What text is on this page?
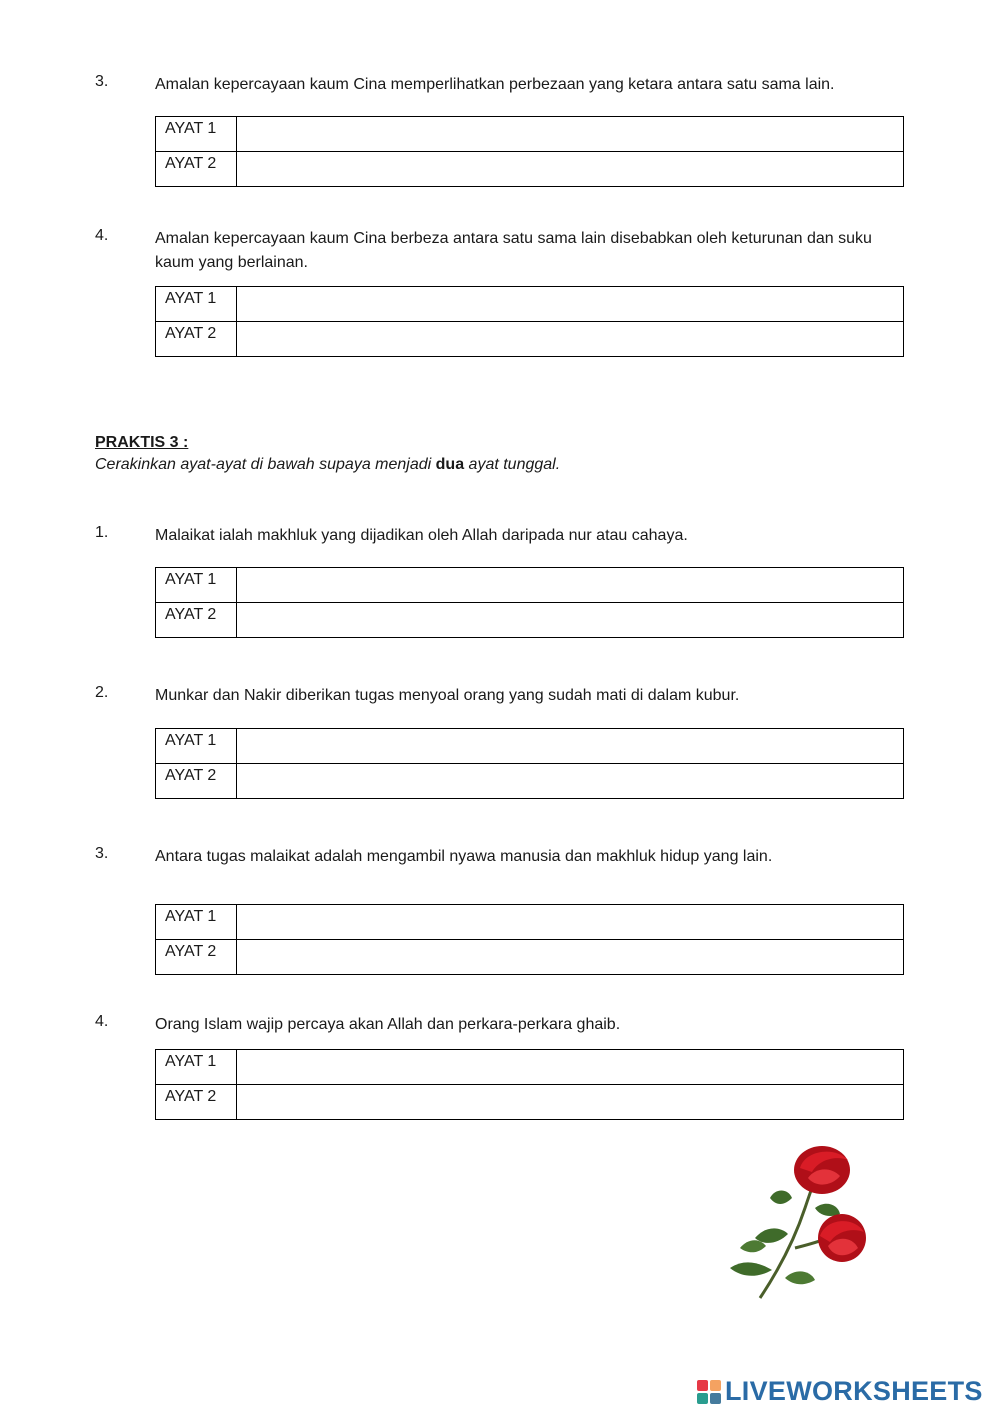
3.	Amalan kepercayaan kaum Cina memperlihatkan perbezaan yang ketara antara satu sama lain.
AYAT 1
AYAT 2
4.	Amalan kepercayaan kaum Cina berbeza antara satu sama lain disebabkan oleh keturunan dan suku kaum yang berlainan.
AYAT 1
AYAT 2
PRAKTIS 3 :
Cerakinkan ayat-ayat di bawah supaya menjadi dua ayat tunggal.
1.	Malaikat ialah makhluk yang dijadikan oleh Allah daripada nur atau cahaya.
AYAT 1
AYAT 2
2.	Munkar dan Nakir diberikan tugas menyoal orang yang sudah mati di dalam kubur.
AYAT 1
AYAT 2
3.	Antara tugas malaikat adalah mengambil nyawa manusia dan makhluk hidup yang lain.
AYAT 1
AYAT 2
4.	Orang Islam wajip percaya akan Allah dan perkara-perkara ghaib.
AYAT 1
AYAT 2
LIVEWORKSHEETS
